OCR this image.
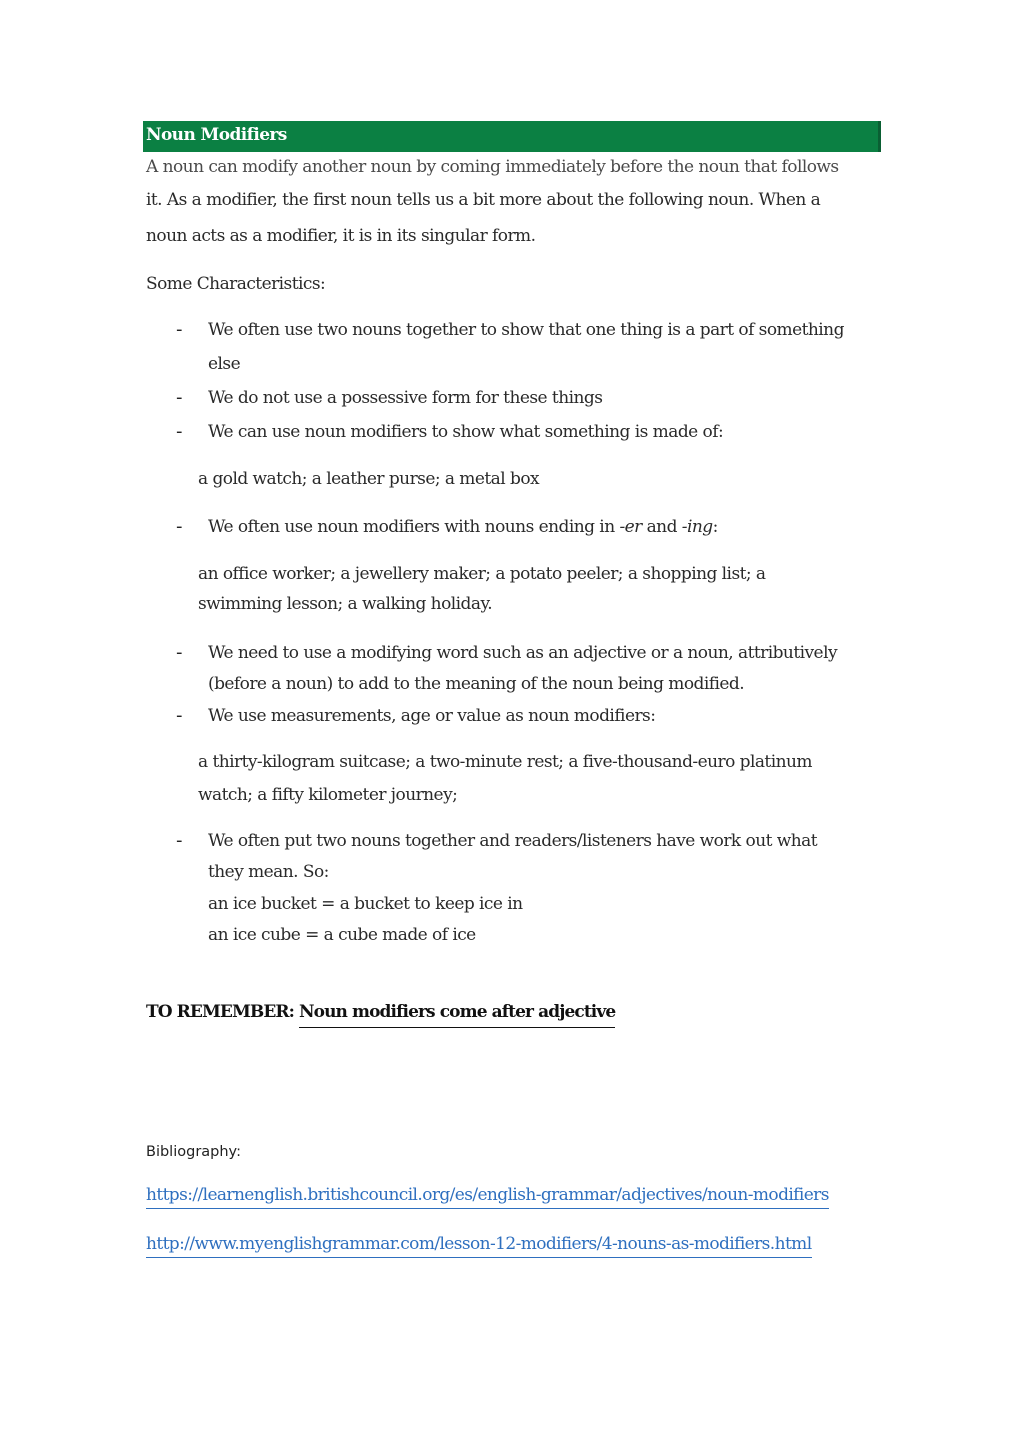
Noun Modifiers
A noun can modify another noun by coming immediately before the noun that follows
it. As a modifier, the first noun tells us a bit more about the following noun. When a
noun acts as a modifier, it is in its singular form.
Some Characteristics:
- We often use two nouns together to show that one thing is a part of something
else
- We do not use a possessive form for these things
- We can use noun modifiers to show what something is made of:
a gold watch; a leather purse; a metal box
- We often use noun modifiers with nouns ending in -er and -ing:
an office worker; a jewellery maker; a potato peeler; a shopping list; a
swimming lesson; a walking holiday.
- We need to use a modifying word such as an adjective or a noun, attributively
(before a noun) to add to the meaning of the noun being modified.
- We use measurements, age or value as noun modifiers:
a thirty-kilogram suitcase; a two-minute rest; a five-thousand-euro platinum
watch; a fifty kilometer journey;
- We often put two nouns together and readers/listeners have work out what
they mean. So:
an ice bucket = a bucket to keep ice in
an ice cube = a cube made of ice
TO REMEMBER: Noun modifiers come after adjective
Bibliography:
https://learnenglish.britishcouncil.org/es/english-grammar/adjectives/noun-modifiers
http://www.myenglishgrammar.com/lesson-12-modifiers/4-nouns-as-modifiers.html
